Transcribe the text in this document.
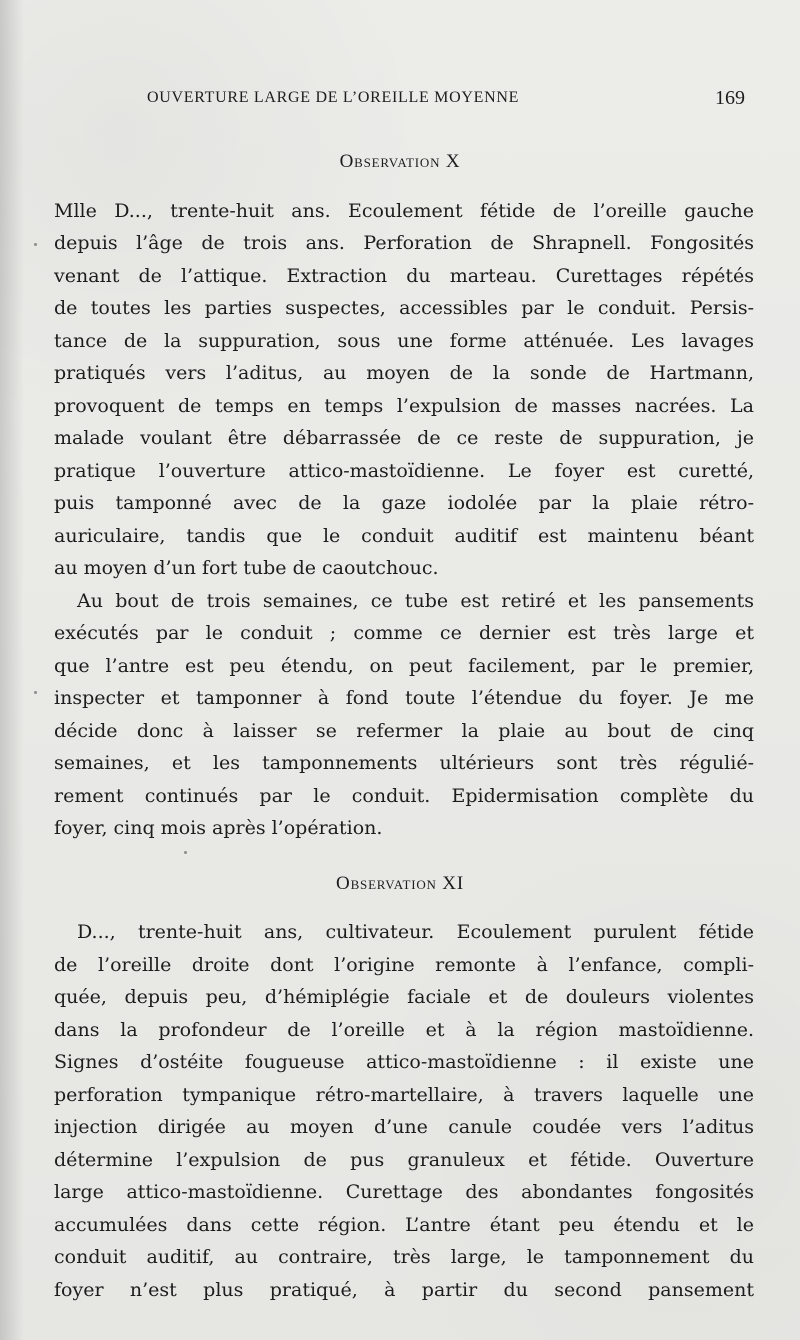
OUVERTURE LARGE DE L’OREILLE MOYENNE	169
Observation X
Mlle D..., trente-huit ans. Ecoulement fétide de l’oreille gauche
depuis l’âge de trois ans. Perforation de Shrapnell. Fongosités
venant de l’attique. Extraction du marteau. Curettages répétés
de toutes les parties suspectes, accessibles par le conduit. Persis-
tance de la suppuration, sous une forme atténuée. Les lavages
pratiqués vers l’aditus, au moyen de la sonde de Hartmann,
provoquent de temps en temps l’expulsion de masses nacrées. La
malade voulant être débarrassée de ce reste de suppuration, je
pratique l’ouverture attico-mastoïdienne. Le foyer est curetté,
puis tamponné avec de la gaze iodolée par la plaie rétro-
auriculaire, tandis que le conduit auditif est maintenu béant
au moyen d’un fort tube de caoutchouc.
Au bout de trois semaines, ce tube est retiré et les pansements
exécutés par le conduit ; comme ce dernier est très large et
que l’antre est peu étendu, on peut facilement, par le premier,
inspecter et tamponner à fond toute l’étendue du foyer. Je me
décide donc à laisser se refermer la plaie au bout de cinq
semaines, et les tamponnements ultérieurs sont très régulié-
rement continués par le conduit. Epidermisation complète du
foyer, cinq mois après l’opération.
Observation XI
D..., trente-huit ans, cultivateur. Ecoulement purulent fétide
de l’oreille droite dont l’origine remonte à l’enfance, compli-
quée, depuis peu, d’hémiplégie faciale et de douleurs violentes
dans la profondeur de l’oreille et à la région mastoïdienne.
Signes d’ostéite fougueuse attico-mastoïdienne : il existe une
perforation tympanique rétro-martellaire, à travers laquelle une
injection dirigée au moyen d’une canule coudée vers l’aditus
détermine l’expulsion de pus granuleux et fétide. Ouverture
large attico-mastoïdienne. Curettage des abondantes fongosités
accumulées dans cette région. L’antre étant peu étendu et le
conduit auditif, au contraire, très large, le tamponnement du
foyer n’est plus pratiqué, à partir du second pansement
